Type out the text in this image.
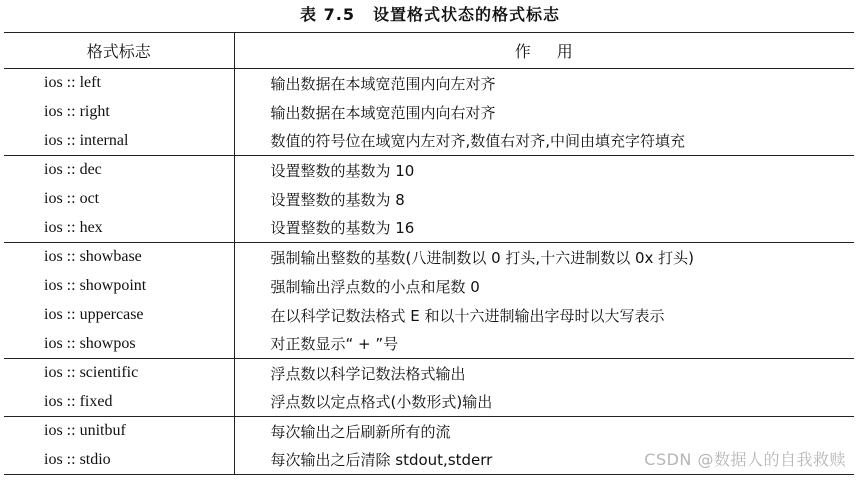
表 7.5 设置格式状态的格式标志
格式标志	作用
ios :: left	输出数据在本域宽范围内向左对齐
ios :: right	输出数据在本域宽范围内向右对齐
ios :: internal	数值的符号位在域宽内左对齐,数值右对齐,中间由填充字符填充
ios :: dec	设置整数的基数为 10
ios :: oct	设置整数的基数为 8
ios :: hex	设置整数的基数为 16
ios :: showbase	强制输出整数的基数(八进制数以 0 打头,十六进制数以 0x 打头)
ios :: showpoint	强制输出浮点数的小点和尾数 0
ios :: uppercase	在以科学记数法格式 E 和以十六进制输出字母时以大写表示
ios :: showpos	对正数显示“ + ”号
ios :: scientific	浮点数以科学记数法格式输出
ios :: fixed	浮点数以定点格式(小数形式)输出
ios :: unitbuf	每次输出之后刷新所有的流
ios :: stdio	每次输出之后清除 stdout,stderr	CSDN @数据人的自我救赎
